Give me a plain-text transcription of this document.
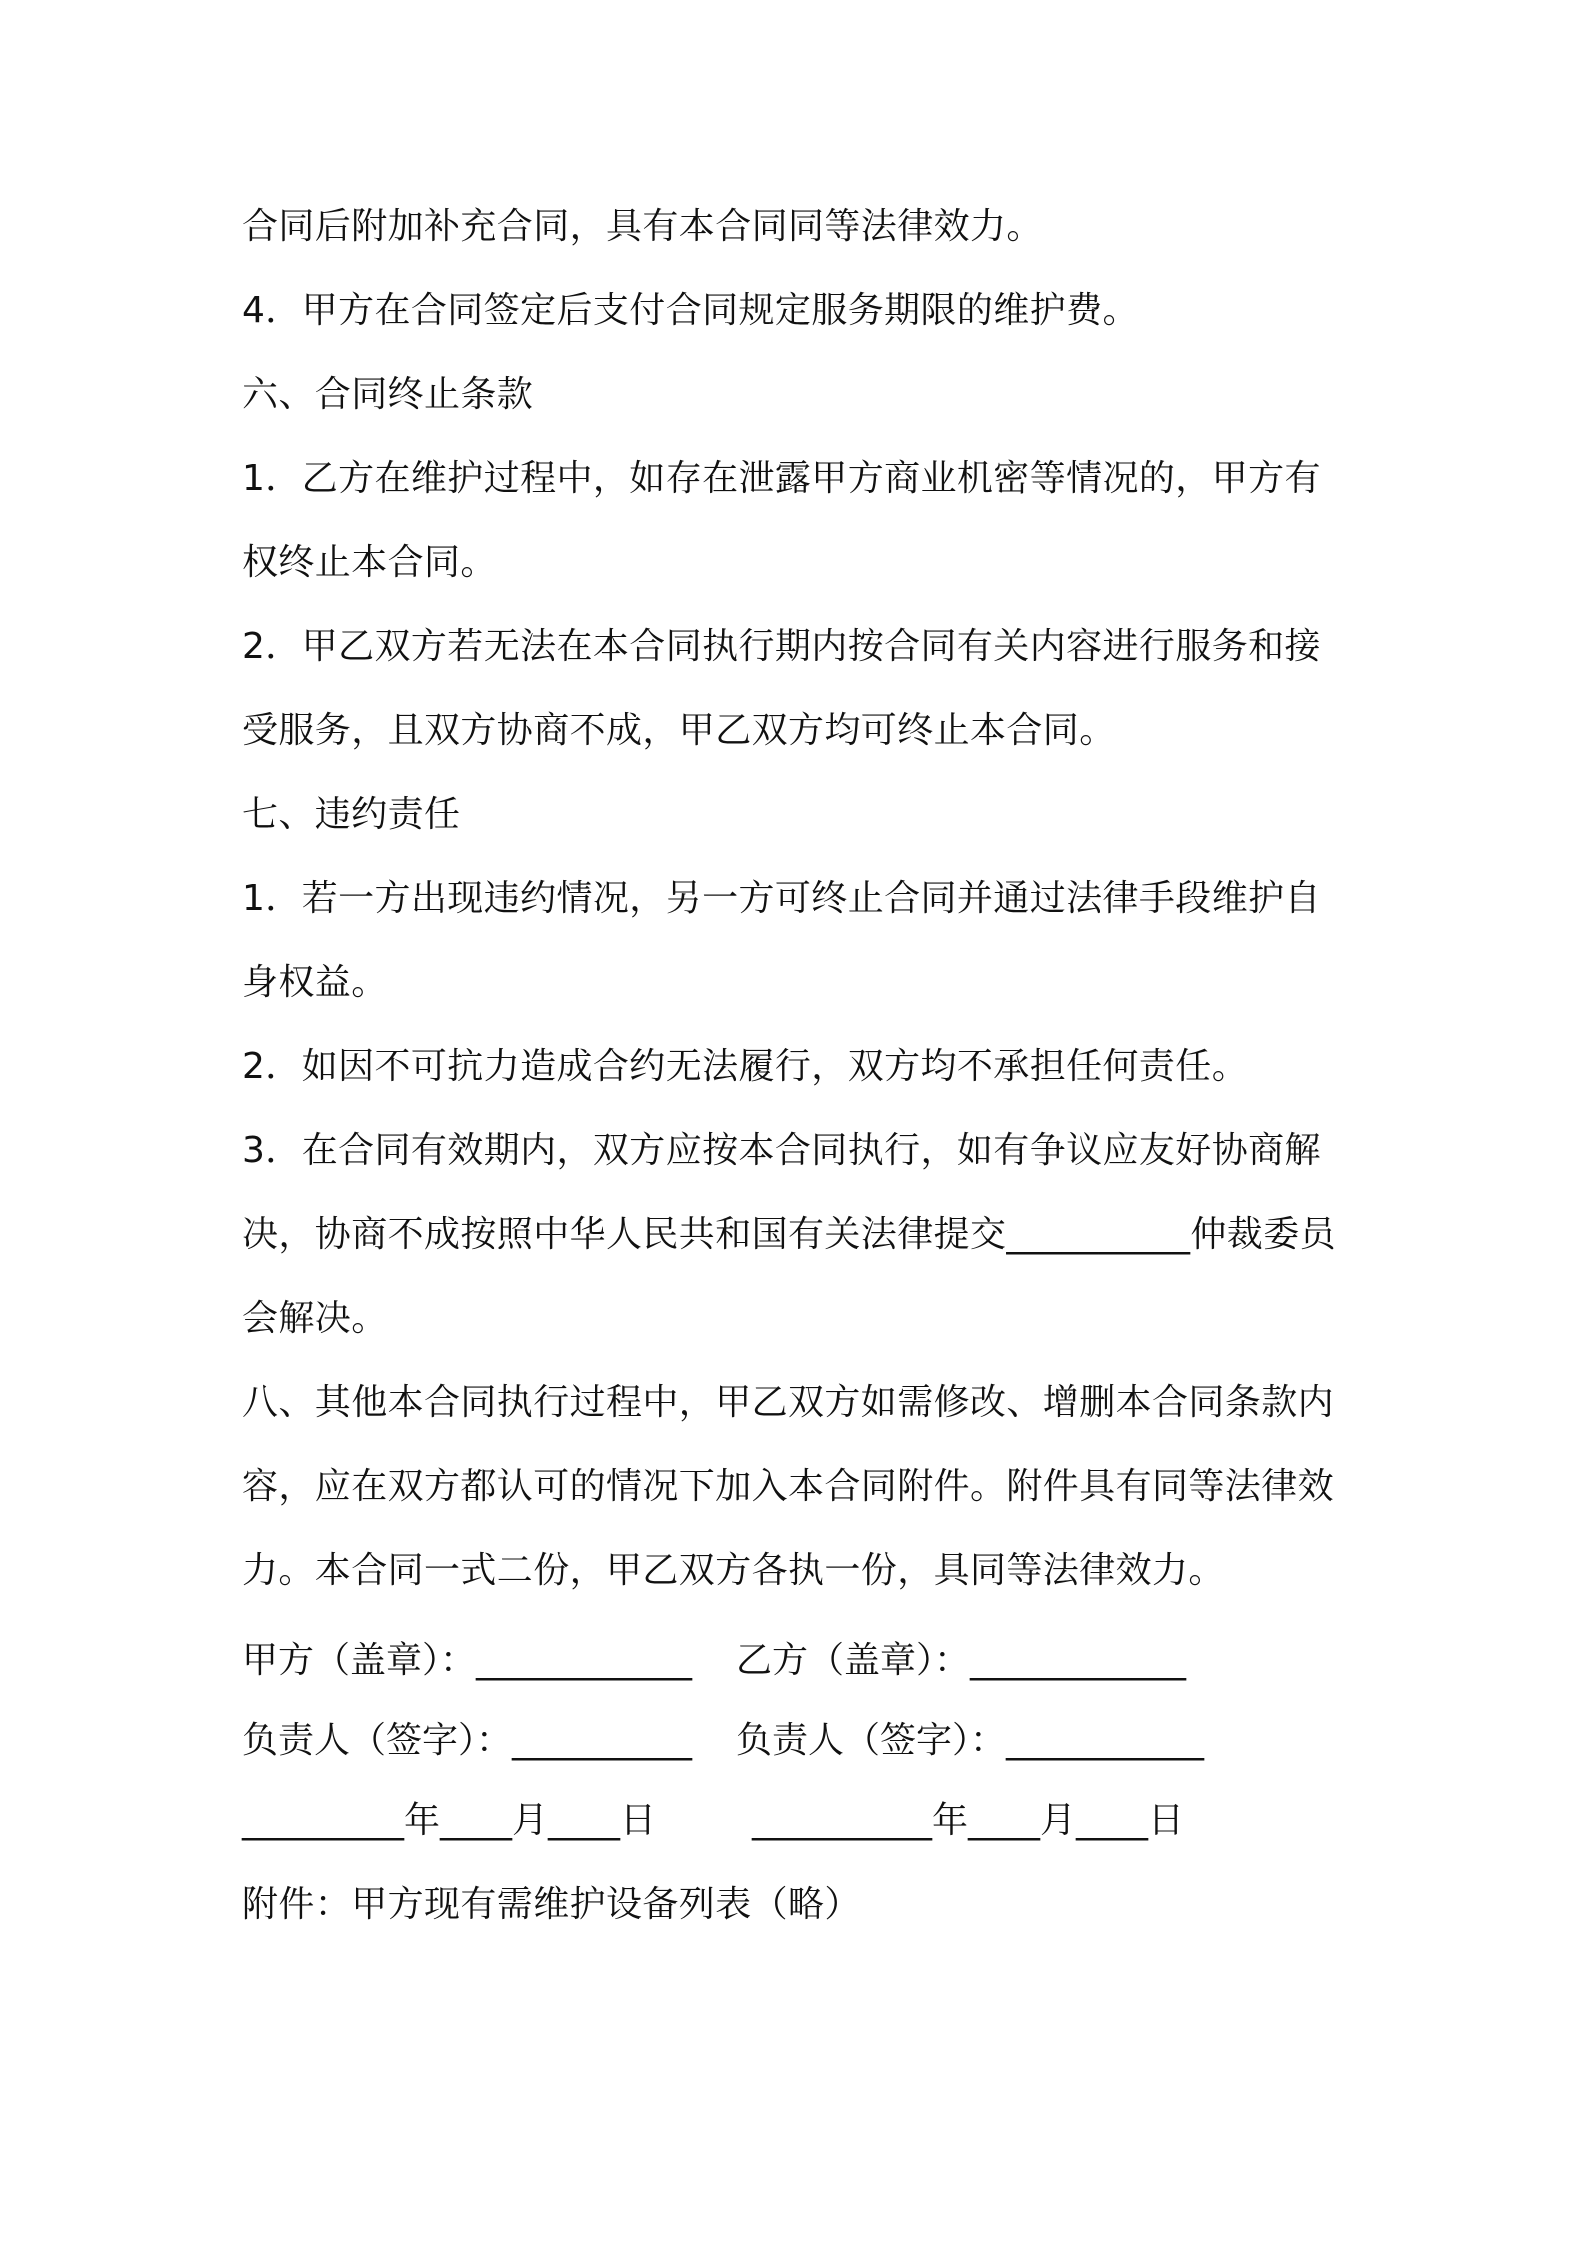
合同后附加补充合同，具有本合同同等法律效力。
4．甲方在合同签定后支付合同规定服务期限的维护费。
六、合同终止条款
1．乙方在维护过程中，如存在泄露甲方商业机密等情况的，甲方有
权终止本合同。
2．甲乙双方若无法在本合同执行期内按合同有关内容进行服务和接
受服务，且双方协商不成，甲乙双方均可终止本合同。
七、违约责任
1．若一方出现违约情况，另一方可终止合同并通过法律手段维护自
身权益。
2．如因不可抗力造成合约无法履行，双方均不承担任何责任。
3．在合同有效期内，双方应按本合同执行，如有争议应友好协商解
决，协商不成按照中华人民共和国有关法律提交__________仲裁委员
会解决。
八、其他本合同执行过程中，甲乙双方如需修改、增删本合同条款内
容，应在双方都认可的情况下加入本合同附件。附件具有同等法律效
力。本合同一式二份，甲乙双方各执一份，具同等法律效力。
甲方（盖章）：____________ 乙方（盖章）：____________
负责人（签字）：__________ 负责人（签字）：___________
_________年____月____日	__________年____月____日
附件：甲方现有需维护设备列表（略）
